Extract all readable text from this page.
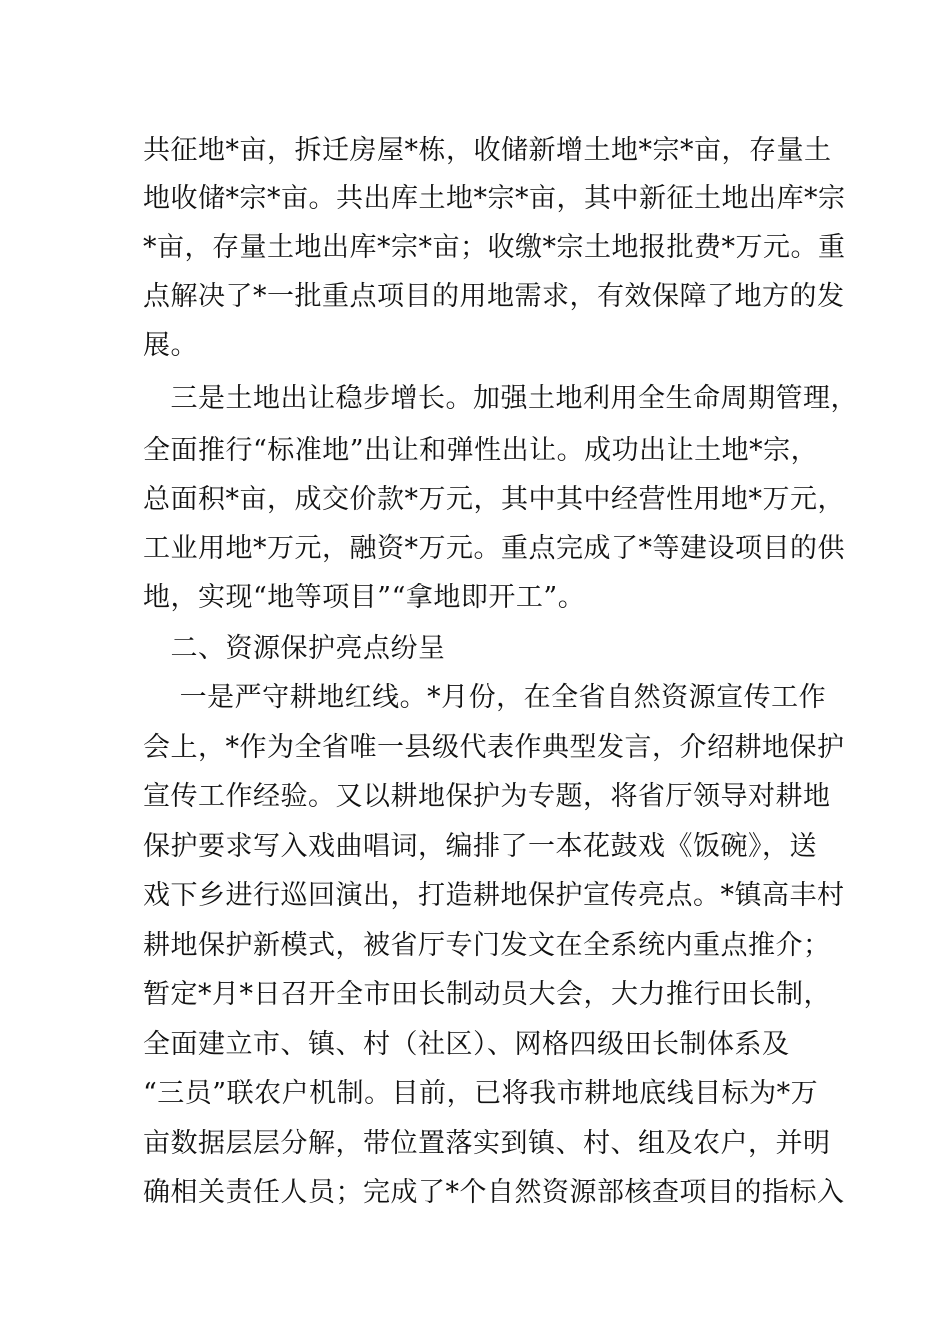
共征地*亩，拆迁房屋*栋，收储新增土地*宗*亩，存量土
地收储*宗*亩。共出库土地*宗*亩，其中新征土地出库*宗
*亩，存量土地出库*宗*亩；收缴*宗土地报批费*万元。重
点解决了*一批重点项目的用地需求，有效保障了地方的发
展。
　三是土地出让稳步增长。加强土地利用全生命周期管理，
全面推行“标准地”出让和弹性出让。成功出让土地*宗，
总面积*亩，成交价款*万元，其中其中经营性用地*万元，
工业用地*万元，融资*万元。重点完成了*等建设项目的供
地，实现“地等项目”“拿地即开工”。
　二、资源保护亮点纷呈
　 一是严守耕地红线。*月份，在全省自然资源宣传工作
会上，*作为全省唯一县级代表作典型发言，介绍耕地保护
宣传工作经验。又以耕地保护为专题，将省厅领导对耕地
保护要求写入戏曲唱词，编排了一本花鼓戏《饭碗》，送
戏下乡进行巡回演出，打造耕地保护宣传亮点。*镇高丰村
耕地保护新模式，被省厅专门发文在全系统内重点推介；
暂定*月*日召开全市田长制动员大会，大力推行田长制，
全面建立市、镇、村（社区）、网格四级田长制体系及
“三员”联农户机制。目前，已将我市耕地底线目标为*万
亩数据层层分解，带位置落实到镇、村、组及农户，并明
确相关责任人员；完成了*个自然资源部核查项目的指标入
